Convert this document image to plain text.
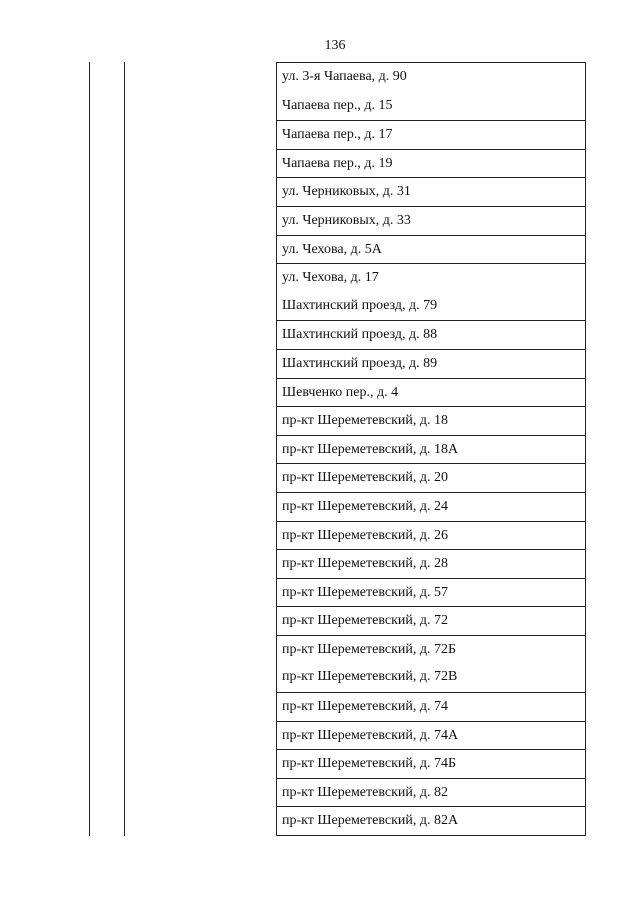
136
ул. 3-я Чапаева, д. 90
Чапаева пер., д. 15
Чапаева пер., д. 17
Чапаева пер., д. 19
ул. Черниковых, д. 31
ул. Черниковых, д. 33
ул. Чехова, д. 5А
ул. Чехова, д. 17
Шахтинский проезд, д. 79
Шахтинский проезд, д. 88
Шахтинский проезд, д. 89
Шевченко пер., д. 4
пр-кт Шереметевский, д. 18
пр-кт Шереметевский, д. 18А
пр-кт Шереметевский, д. 20
пр-кт Шереметевский, д. 24
пр-кт Шереметевский, д. 26
пр-кт Шереметевский, д. 28
пр-кт Шереметевский, д. 57
пр-кт Шереметевский, д. 72
пр-кт Шереметевский, д. 72Б
пр-кт Шереметевский, д. 72В
пр-кт Шереметевский, д. 74
пр-кт Шереметевский, д. 74А
пр-кт Шереметевский, д. 74Б
пр-кт Шереметевский, д. 82
пр-кт Шереметевский, д. 82А
